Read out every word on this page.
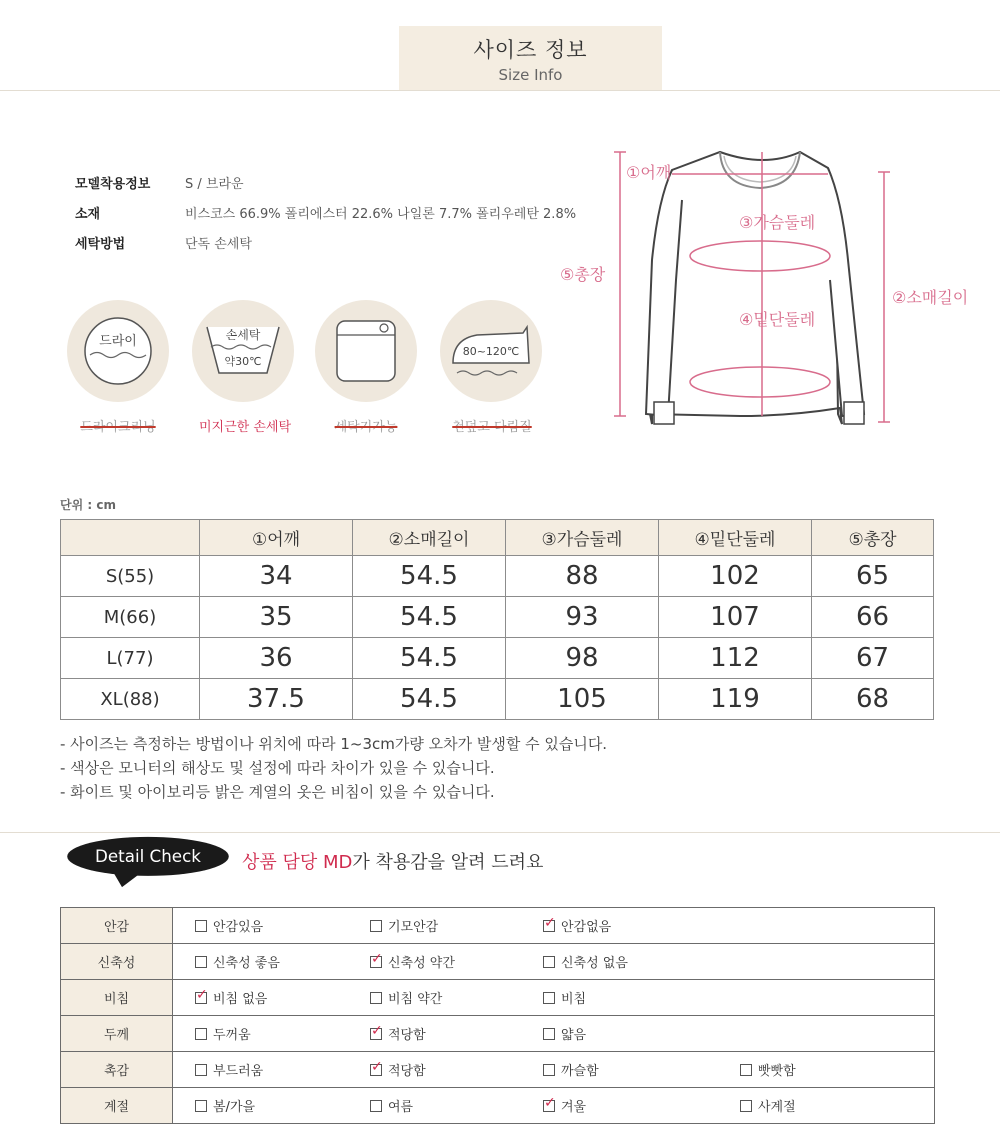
사이즈 정보
Size Info
모델착용정보	S / 브라운
소재	비스코스 66.9% 폴리에스터 22.6% 나일론 7.7% 폴리우레탄 2.8%
세탁방법	단독 손세탁
드라이	손세탁
약30℃
80~120℃
드라이크리닝	미지근한 손세탁	세탁기가능	천덮고 다림질
①어깨
③가슴둘레
④밑단둘레
⑤총장
②소매길이
단위 : cm
	①어깨	②소매길이	③가슴둘레	④밑단둘레	⑤총장
S(55)	34	54.5	88	102	65
M(66)	35	54.5	93	107	66
L(77)	36	54.5	98	112	67
XL(88)	37.5	54.5	105	119	68
- 사이즈는 측정하는 방법이나 위치에 따라 1~3cm가량 오차가 발생할 수 있습니다.
- 색상은 모니터의 해상도 및 설정에 따라 차이가 있을 수 있습니다.
- 화이트 및 아이보리등 밝은 계열의 옷은 비침이 있을 수 있습니다.
Detail Check 상품 담당 MD가 착용감을 알려 드려요
안감	안감있음	기모안감	✓안감없음	
신축성	신축성 좋음	✓신축성 약간	신축성 없음	
비침	✓비침 없음	비침 약간	비침	
두께	두꺼움	✓적당함	얇음	
촉감	부드러움	✓적당함	까슬함	빳빳함
계절	봄/가을	여름	✓겨울	사계절
